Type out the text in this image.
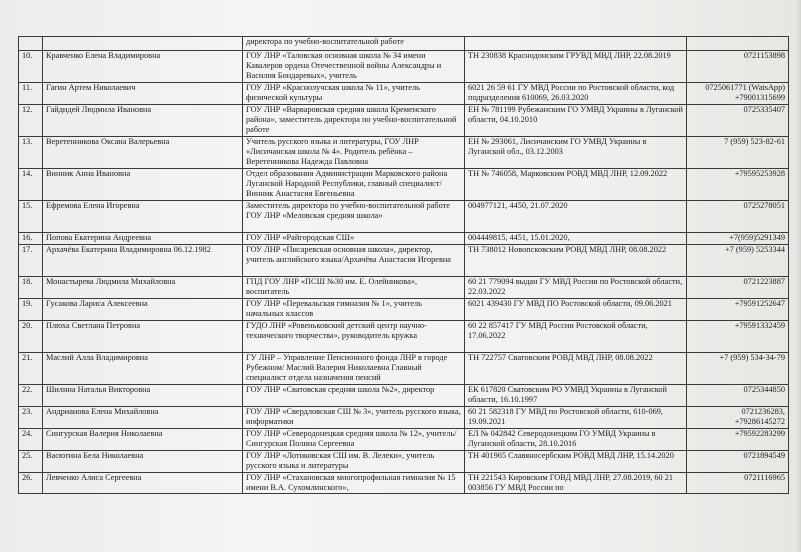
		директора по учебно-воспитательной работе		
10.	Кравченко Елена Владимировна	ГОУ ЛНР «Таловская основная школа № 34 имени Кавалеров ордена Отечественной войны Александры и Василия Бондаревых», учитель	ТН 230838 Краснодонским ГРУВД МВД ЛНР, 22.08.2019	0721153898
11.	Гагин Артем Николаевич	ГОУ ЛНР «Краснолучская школа № 11», учитель физической культуры	6021 26 59 61 ГУ МВД России по Ростовской области, код подразделения 610069, 26.03.2020	0725061771 (WatsApp) +79001315699
12.	Гайдидей Людмила Ивановна	ГОУ ЛНР «Варваровская средняя школа Кременского района», заместитель директора по учебно-воспитательной работе	ЕН № 781199 Рубежанским ГО УМВД Украины в Луганской области, 04.10.2010	0725335407
13.	Веретенникова Оксана Валерьевна	Учитель русского языка и литературы, ГОУ ЛНР «Лисичанская школа № 4». Родитель ребёнка – Веретенникова Надежда Павловна	ЕН № 293061, Лисичанским ГО УМВД Украины в Луганской обл., 03.12.2003	7 (959) 523-82-61
14.	Винник Анна Ивановна	Отдел образования Администрации Марковского района Луганской Народной Республики, главный специалист/ Винник Анастасия Евгеньевна	ТН № 746058, Марковским РОВД МВД ЛНР, 12.09.2022	+79595253928
15.	Ефремова Елена Игоревна	Заместитель директора по учебно-воспитательной работе ГОУ ЛНР «Меловская средняя школа»	004977121, 4450, 21.07.2020	0725278051
16.	Попова Екатерина Андреевна	ГОУ ЛНР «Райгородская СШ»	004449815, 4451, 15.01.2020,	+7(959)5291349
17.	Архачёва Екатерина Владимировна 06.12.1982	ГОУ ЛНР «Писаревская основная школа», директор, учитель английского языка/Архачёва Анастасия Игоревна	ТН 738012 Новопсковским РОВД МВД ЛНР, 08.08.2022	+7 (959) 5253344
18.	Монастырева Людмила Михайловна	ГПД ГОУ ЛНР «ПСШ №30 им. Е. Олейниковa», воспитатель	60 21 779094 выдан ГУ МВД России по Ростовской области, 22.03.2022	0721223887
19.	Гусакова Лариса Алексеевна	ГОУ ЛНР «Перевальская гимназия № 1», учитель начальных классов	6021 439430 ГУ МВД ПО Ростовской области, 09.06.2021	+79591252647
20.	Плюха Светлана Петровна	ГУДО ЛНР «Ровеньковский детский центр научно-технического творчества», руководитель кружка	60 22 857417 ГУ МВД России Ростовской области, 17.06.2022	+79591332459
21.	Маслий Алла Владимировна	ГУ ЛНР – Управление Пенсионного фонда ЛНР в городе Рубежном/ Маслий Валерия Николаевна Главный специалист отдела назначения пенсий	ТН 722757 Сватовским РОВД МВД ЛНР, 08.08.2022	+7 (959) 534-34-79
22.	Шилина Наталья Викторовна	ГОУ ЛНР «Сватовская средняя школа №2», директор	ЕК 617820 Сватовским РО УМВД Украины в Луганской области, 16.10.1997	0725344850
23.	Андрианова Елена Михайловна	ГОУ ЛНР «Свердловская СШ № 3», учитель русского языка, информатики	60 21 582318 ГУ МВД по Ростовской области, 610-069, 19.09.2021	0721236283, +79286145272
24.	Сингурская Валерия Николаевна	ГОУ ЛНР «Северодонецкая средняя школа № 12», учитель/ Сингурская Полина Сергеевна	ЕЛ № 042842 Северодонецким ГО УМВД Украины в Луганской области, 28.10.2016	+79592283299
25.	Васютина Бела Николаевна	ГОУ ЛНР «Лотиковская СШ им. В. Лелеки», учитель русского языка и литературы	ТН 401965 Славяносербским РОВД МВД ЛНР, 15.14.2020	0721894549
26.	Левченко Алиса Сергеевна	ГОУ ЛНР «Стахановская многопрофильная гимназия № 15 имени В.А. Сухомлинского»,	ТН 221543 Кировским ГОВД МВД ЛНР, 27.08.2019, 60 21 003856 ГУ МВД России по	0721116965
